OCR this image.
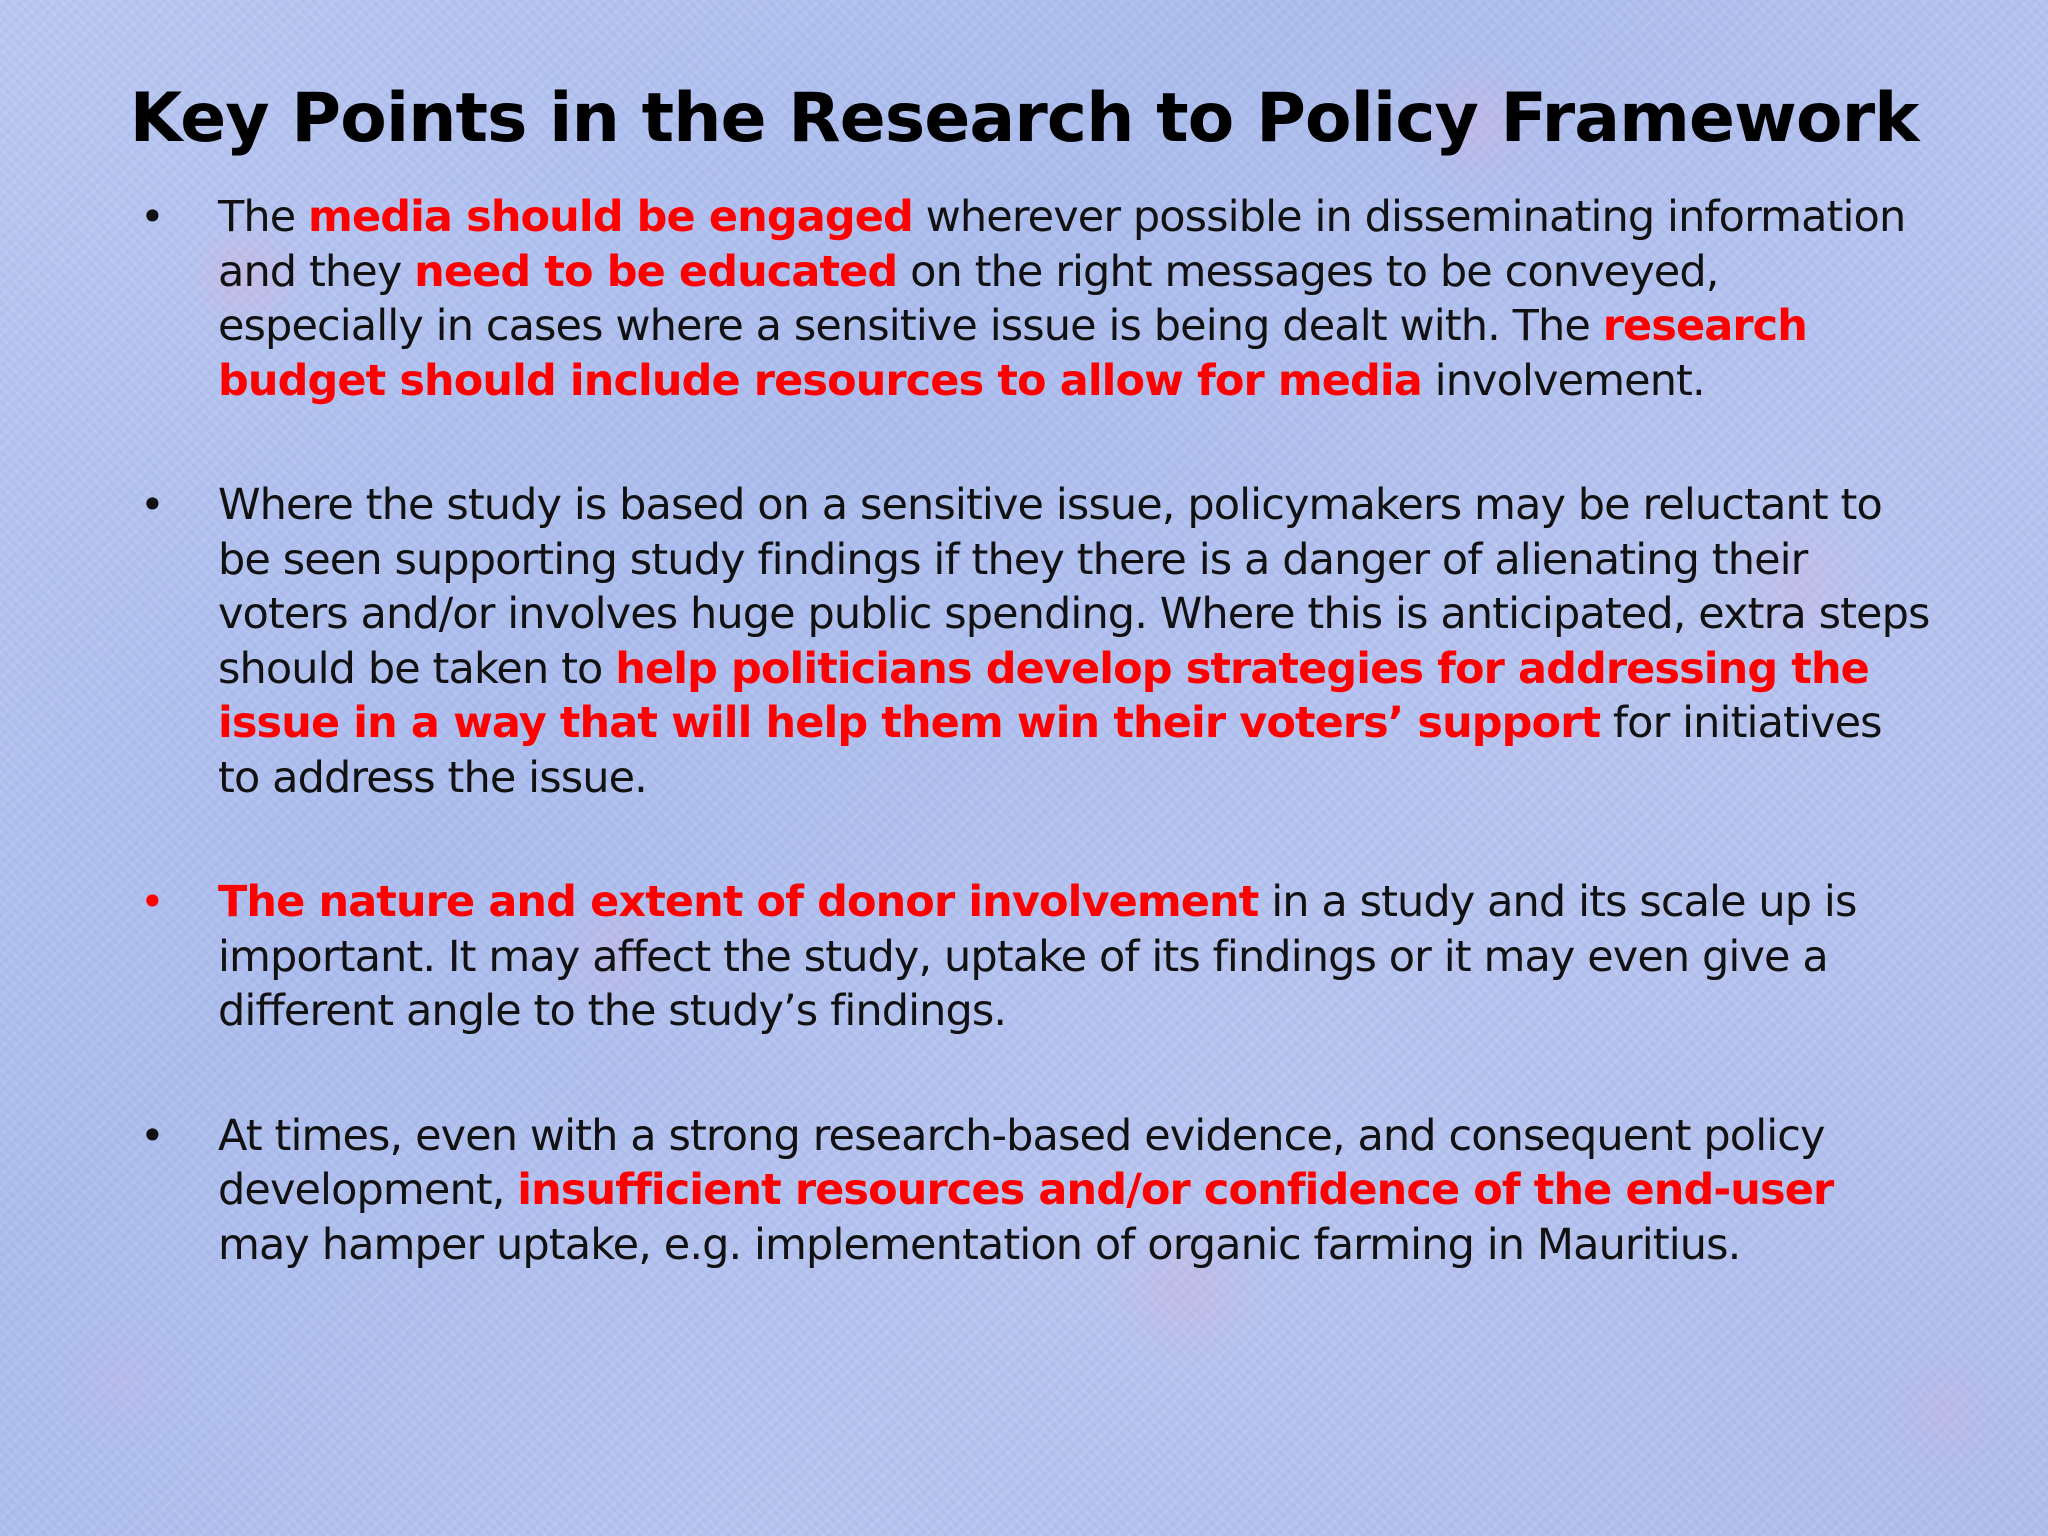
Key Points in the Research to Policy Framework
•	The media should be engaged wherever possible in disseminating information and they need to be educated on the right messages to be conveyed, especially in cases where a sensitive issue is being dealt with. The research budget should include resources to allow for media involvement.
•	Where the study is based on a sensitive issue, policymakers may be reluctant to be seen supporting study findings if they there is a danger of alienating their voters and/or involves huge public spending. Where this is anticipated, extra steps should be taken to help politicians develop strategies for addressing the issue in a way that will help them win their voters’ support for initiatives to address the issue.
•	The nature and extent of donor involvement in a study and its scale up is important. It may affect the study, uptake of its findings or it may even give a different angle to the study’s findings.
•	At times, even with a strong research-based evidence, and consequent policy development, insufficient resources and/or confidence of the end-user may hamper uptake, e.g. implementation of organic farming in Mauritius.
